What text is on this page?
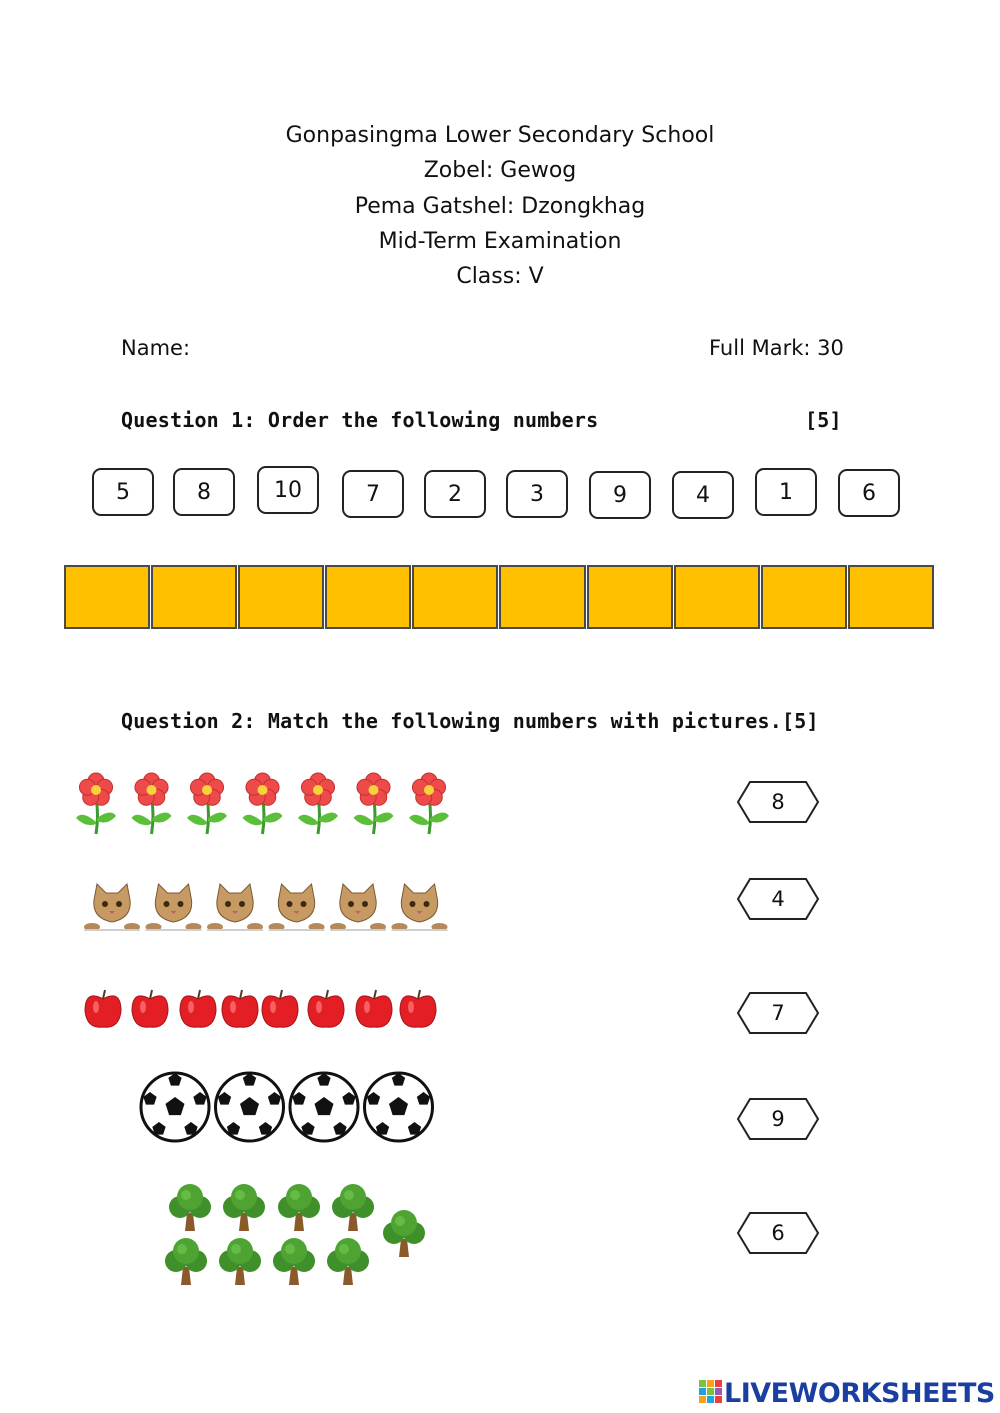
Gonpasingma Lower Secondary School
Zobel: Gewog
Pema Gatshel: Dzongkhag
Mid-Term Examination
Class: V
Name:	Full Mark: 30
Question 1: Order the following numbers	[5]
5	8	10	7	2	3	9	4	1	6
Question 2: Match the following numbers with pictures. [5]
8
4
7
9
6
LIVEWORKSHEETS
